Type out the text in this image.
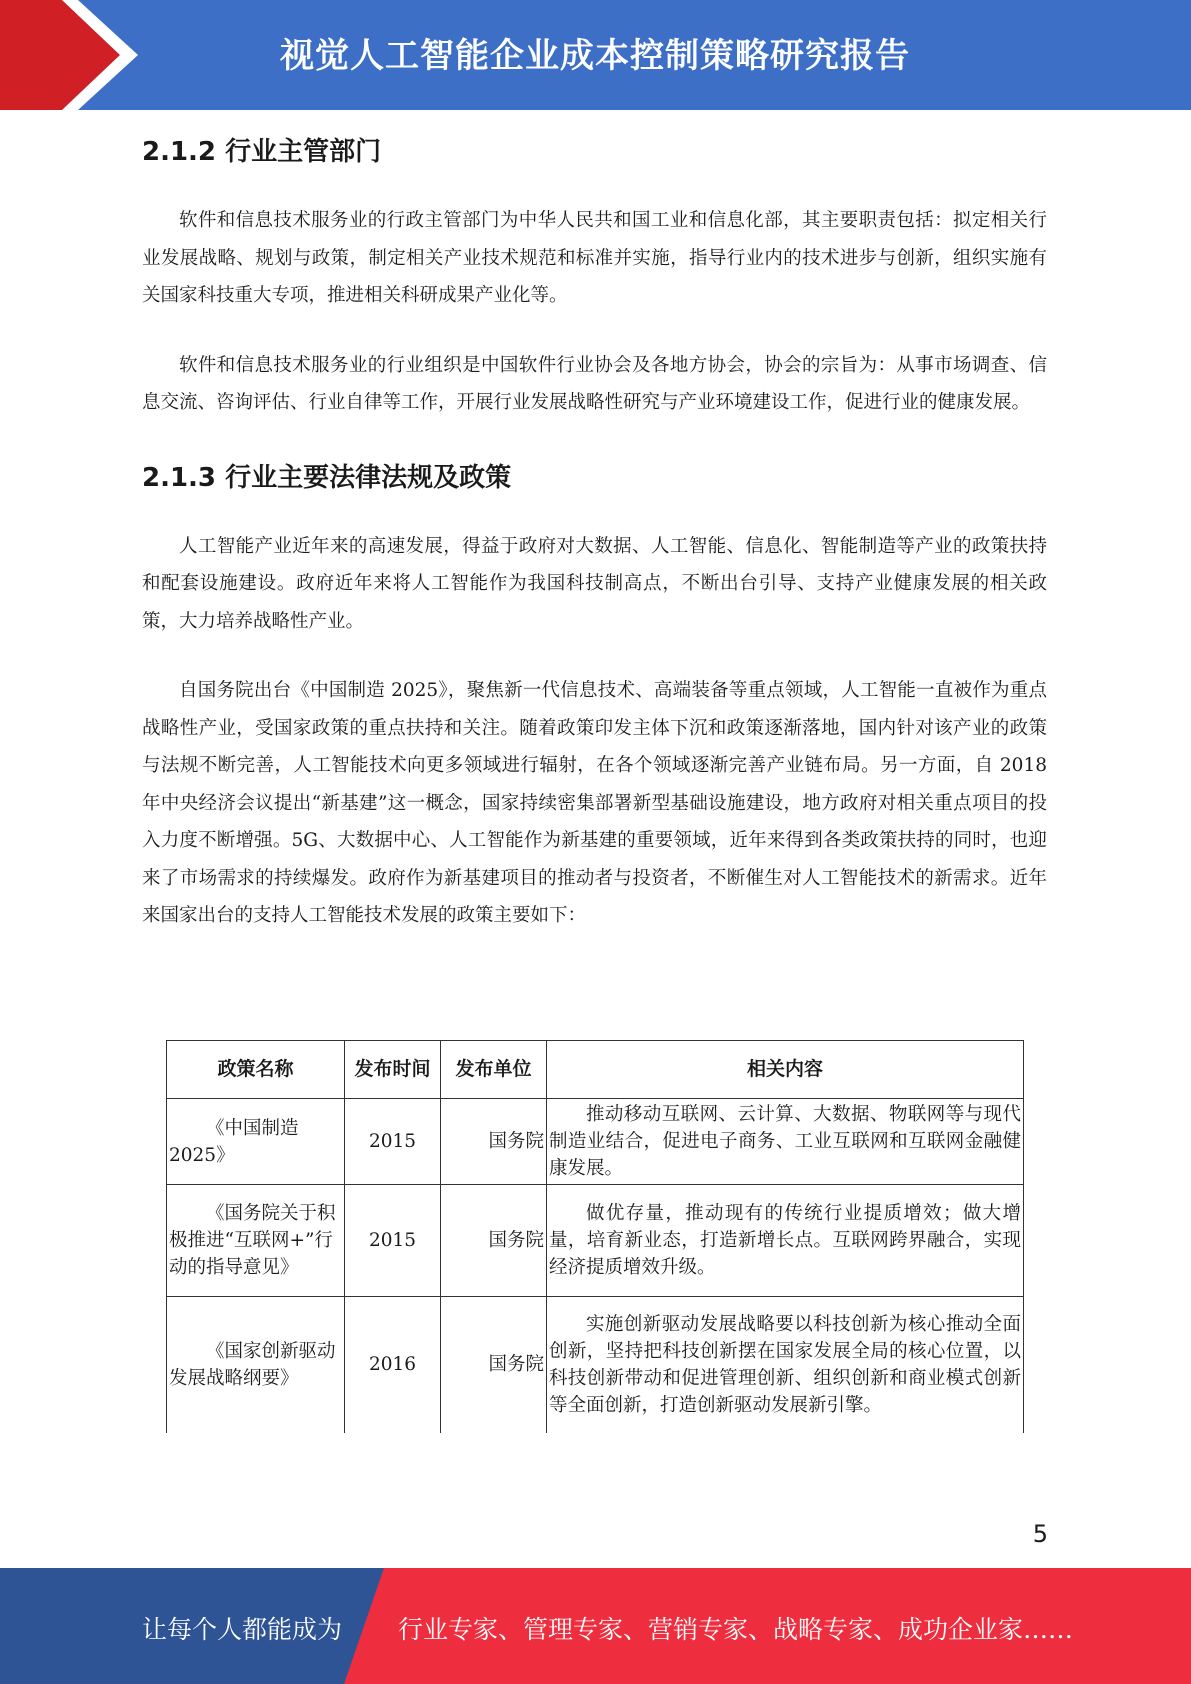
视觉人工智能企业成本控制策略研究报告
2.1.2 行业主管部门

软件和信息技术服务业的行政主管部门为中华人民共和国工业和信息化部，其主要职责包括：拟定相关行业发展战略、规划与政策，制定相关产业技术规范和标准并实施，指导行业内的技术进步与创新，组织实施有关国家科技重大专项，推进相关科研成果产业化等。

软件和信息技术服务业的行业组织是中国软件行业协会及各地方协会，协会的宗旨为：从事市场调查、信息交流、咨询评估、行业自律等工作，开展行业发展战略性研究与产业环境建设工作，促进行业的健康发展。

2.1.3 行业主要法律法规及政策

人工智能产业近年来的高速发展，得益于政府对大数据、人工智能、信息化、智能制造等产业的政策扶持和配套设施建设。政府近年来将人工智能作为我国科技制高点，不断出台引导、支持产业健康发展的相关政策，大力培养战略性产业。

自国务院出台《中国制造 2025》，聚焦新一代信息技术、高端装备等重点领域，人工智能一直被作为重点战略性产业，受国家政策的重点扶持和关注。随着政策印发主体下沉和政策逐渐落地，国内针对该产业的政策与法规不断完善，人工智能技术向更多领域进行辐射，在各个领域逐渐完善产业链布局。另一方面，自 2018 年中央经济会议提出“新基建”这一概念，国家持续密集部署新型基础设施建设，地方政府对相关重点项目的投入力度不断增强。5G、大数据中心、人工智能作为新基建的重要领域，近年来得到各类政策扶持的同时，也迎来了市场需求的持续爆发。政府作为新基建项目的推动者与投资者，不断催生对人工智能技术的新需求。近年来国家出台的支持人工智能技术发展的政策主要如下：

政策名称	发布时间	发布单位	相关内容
《中国制造 2025》	2015	国务院	推动移动互联网、云计算、大数据、物联网等与现代制造业结合，促进电子商务、工业互联网和互联网金融健康发展。
《国务院关于积极推进“互联网+”行动的指导意见》	2015	国务院	做优存量，推动现有的传统行业提质增效；做大增量，培育新业态，打造新增长点。互联网跨界融合，实现经济提质增效升级。
《国家创新驱动发展战略纲要》	2016	国务院	实施创新驱动发展战略要以科技创新为核心推动全面创新，坚持把科技创新摆在国家发展全局的核心位置，以科技创新带动和促进管理创新、组织创新和商业模式创新等全面创新，打造创新驱动发展新引擎。
5
让每个人都能成为 行业专家、管理专家、营销专家、战略专家、成功企业家……
